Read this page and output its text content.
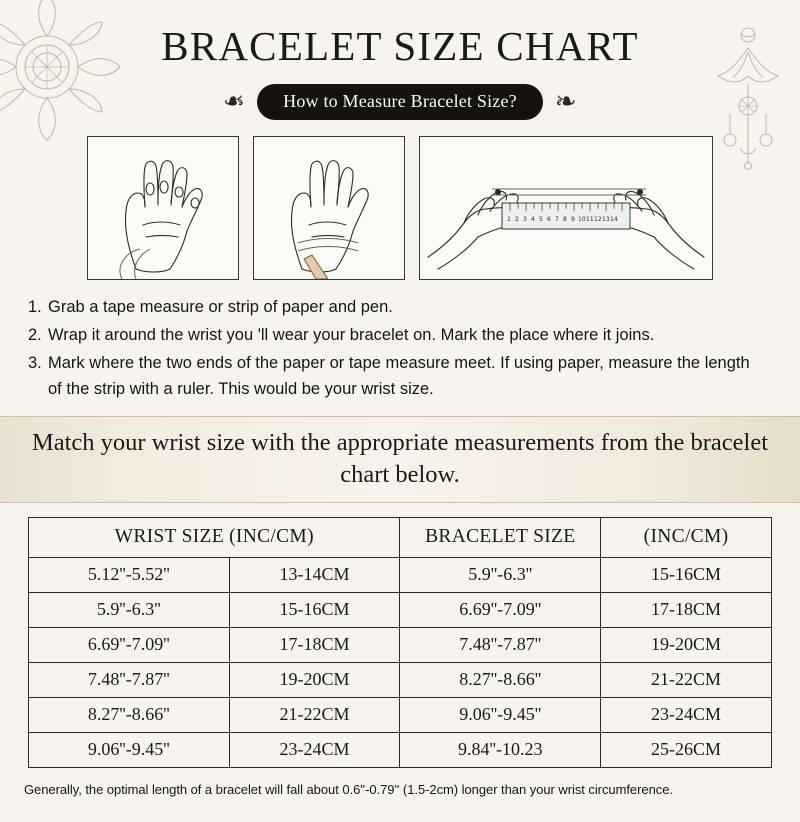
BRACELET SIZE CHART
❧	How to Measure Bracelet Size?	❧
1 2 3 4 5 6 7 8 9 10 11 12 13 14
1. Grab a tape measure or strip of paper and pen.
2. Wrap it around the wrist you 'll wear your bracelet on. Mark the place where it joins.
3. Mark where the two ends of the paper or tape measure meet. If using paper, measure the length of the strip with a ruler. This would be your wrist size.
Match your wrist size with the appropriate measurements from the bracelet chart below.
WRIST SIZE (INC/CM)		BRACELET SIZE	(INC/CM)
5.12''-5.52''	13-14CM	5.9''-6.3''	15-16CM
5.9''-6.3''	15-16CM	6.69''-7.09''	17-18CM
6.69''-7.09''	17-18CM	7.48''-7.87''	19-20CM
7.48''-7.87''	19-20CM	8.27''-8.66''	21-22CM
8.27''-8.66''	21-22CM	9.06''-9.45''	23-24CM
9.06''-9.45''	23-24CM	9.84''-10.23	25-26CM
Generally, the optimal length of a bracelet will fall about 0.6''-0.79'' (1.5-2cm) longer than your wrist circumference.
